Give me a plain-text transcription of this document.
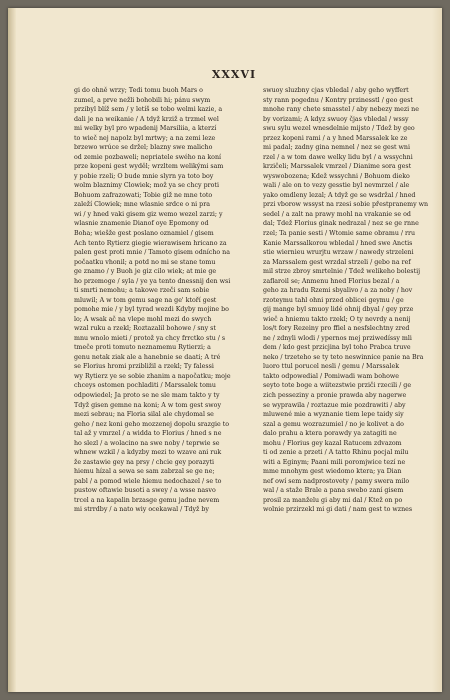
XXXVI
gi do ohně wrzy; Tedi tomu buoh Mars o
zumel, a prve nežli bohobili hi; pánu swym
przibyl blíž sem / y letíš se tobo welmi kazie, a
dali je na weikanie / A tdyž krziž a trzmel wel
mi welky byl pro wpadenij Marsiliia, a kterzí
to wieč nej napolz byl mrtwy; a na zemi leze
brzewo wrúce se držel; blazny swe malicho
od zemie pozbaweli; nepriatele swého na koní
prze kopeni gest wyděl; wrzltem welikými sam
y pobie rzeli; O bude mnie slyrn ya toto boy
wolm blaznimy Clowiek; mož ya se chcy proti
Bohuom zafrazowati; Tobie giž ne mne toto
zaleží Clowiek; mne wlasnie srdce o ni pra
wi / y hned vaki gisem giz wemo wezel zarzi; y
wlasnie znamenie Dianof oye Epomony od
Boha; wiešže gest poslano oznamiel / gisem
Ach tento Rytierz giegie wierawisem hricano za
palen gest proti mnie / Tamoto gisem odnícho na
počaatku vhonil; a potd no mi se stane tomu
ge znamo / y Buoh je giz cilo wiek; at mie ge
ho przemoge / syla / ye ya tento dnessnij den wsi
ti smrti nemohu; a takowe rzeči sam sobie
mluwil; A w tom gemu sage na ge' ktoří gest
pomohe mie / y byl tyrad wezdi Kdyby mojine bo
lo; A wsak ač na vlepe mohl mezi do swych
wzal ruku a rzekl; Roztazalil bohowe / sny st
mnu wnolo mieti / protož ya chcy frrctko stu / s
tmeče proti tomuto neznamemu Rytierzi; a
genu netak ziak ale a hanebnie se daati; A tré
se Florius hromi przibližil a rzekl; Ty falessi
wy Rytierz ye se sobie zhanim a napočatku; moje
chceys ostomen pochladiti / Marssalek tomu
odpowiedel; Ja proto se ne sle mam takto y ty
Tdyž gisen gemne na koni; A w tom gest swoy
mezi sebrau; na Floria silal ale chydomal se
geho / nez koni geho mozzenej dopolu srazgie to
tal až y vmrzel / a widda to Florius / hned s ne
ho slezl / a wolacino na swe noby / teprwie se
whnew wzkil / a kdyzby mezi to wzave ani ruk
že zastawie gey na prsy / chcie gey porazyti
hiemu hízal a sewa se sam zabrzal se ge ne;
pabl / a pomod wiele hiemu nedochazel / se to
pustow oftawie busoti a swey / a wsse nasvo
trcel a na kapalin brzasge gemu jadne nevem
mi strrdby / a nato wiy ocekawal / Tdyž by
swuoy sluzbny cjas vbledal / aby geho wyffert
sty rann pogednu / Kontry przinesstl / geo gest
mnohe rany chete smasstel / aby nebezy mezi ne
by vorizami; A kdyz swuoy čjas vbledal / wssy
swu sylu wezel wnesdelnie mijsto / Tdež by geo
przez kopeni rami / a y hned Marssalek ke ze
mi padal; zadny gina nemnel / nez se gest wni
rzel / a w tom dawe welky lidu byl / a wssychni
krzičeli; Marssalek vmrzel / Dianime sora gest
wyswobozena; Kdež wssychni / Bohuom dieko
wali / ale on to vezy gesstie byl nevmrzel / ale
yako omdleny lezal; A tdyž ge se wsdržal / hned
przi vborow wssyst na rzesi sobie přestpranemy wn
sedel / a zalt na prawy mohl na vrakanie se od
dal; Tdež Florius ginak nedrazal / nez se ge rnne
rzel; Ta panie sesti / Wtomie same obramu / rru
Kanie Marssalkorou wbledal / hned swe Anctis
stie wiernieu wrurjtu wrzaw / nawedy strzeleni
za Marssalem gest wrzdal strzeli / gebo na ref
mil strze zbroy smrtelnie / Tdež welikeho bolestij
zaflaroil se; Anmenu hned Florius bezal / a
geho za hradu Rzemi sbyalivo / a za noby / hov
rzoteymu tahl ohni przed oblicei geymu / ge
gij mange byl smuoy lidé ohnij dbyal / gey prze
wieč a hniemu takto rzekl; O ty nevrdy a nenij
los/t fory Rezeiny pro ffiel a nesfslechtny zred
ne / zdnyli wlodi / ypernos mej prziwedíssy mli
dem / kdo gest przicjina byl toho Prabca truve
neko / trzeteho se ty teto neswinnice panie na Bra
luoro ttul porucel nesli / gemu / Marssalek
takto odpowedial / Pomiwadi wam bohowe
seyto tote boge a wiitezstwie prziči rzecili / ge
zich pesseziny a pronie prawda aby nagerwe
se wyprawila / roztazue mie pozdrawiti / aby
mluwené mie a wyznanie tiem lepe taidy siy
szal a gemu wozrazumiel / no je kolivet a do
dalo prahu a ktera porawdy ya zatagiti ne
mohu / Florius gey kazal Ratucem zdvazom
ti od zenie a przeti / A tatto Rhinu pocjal milu
witi a Eginym; Paani mili poromjwice tezí ne
mme mnohym gest wiedomo ktera; ya Dian
nef owí sem nadprostovety / pamy swera milo
wal / a staže Brale a pana swebo zaní gisem
prosil za manželu gi aby mi dal / Ktež on po
wolnie przirzekl mi gi dati / nam gest to wznes
